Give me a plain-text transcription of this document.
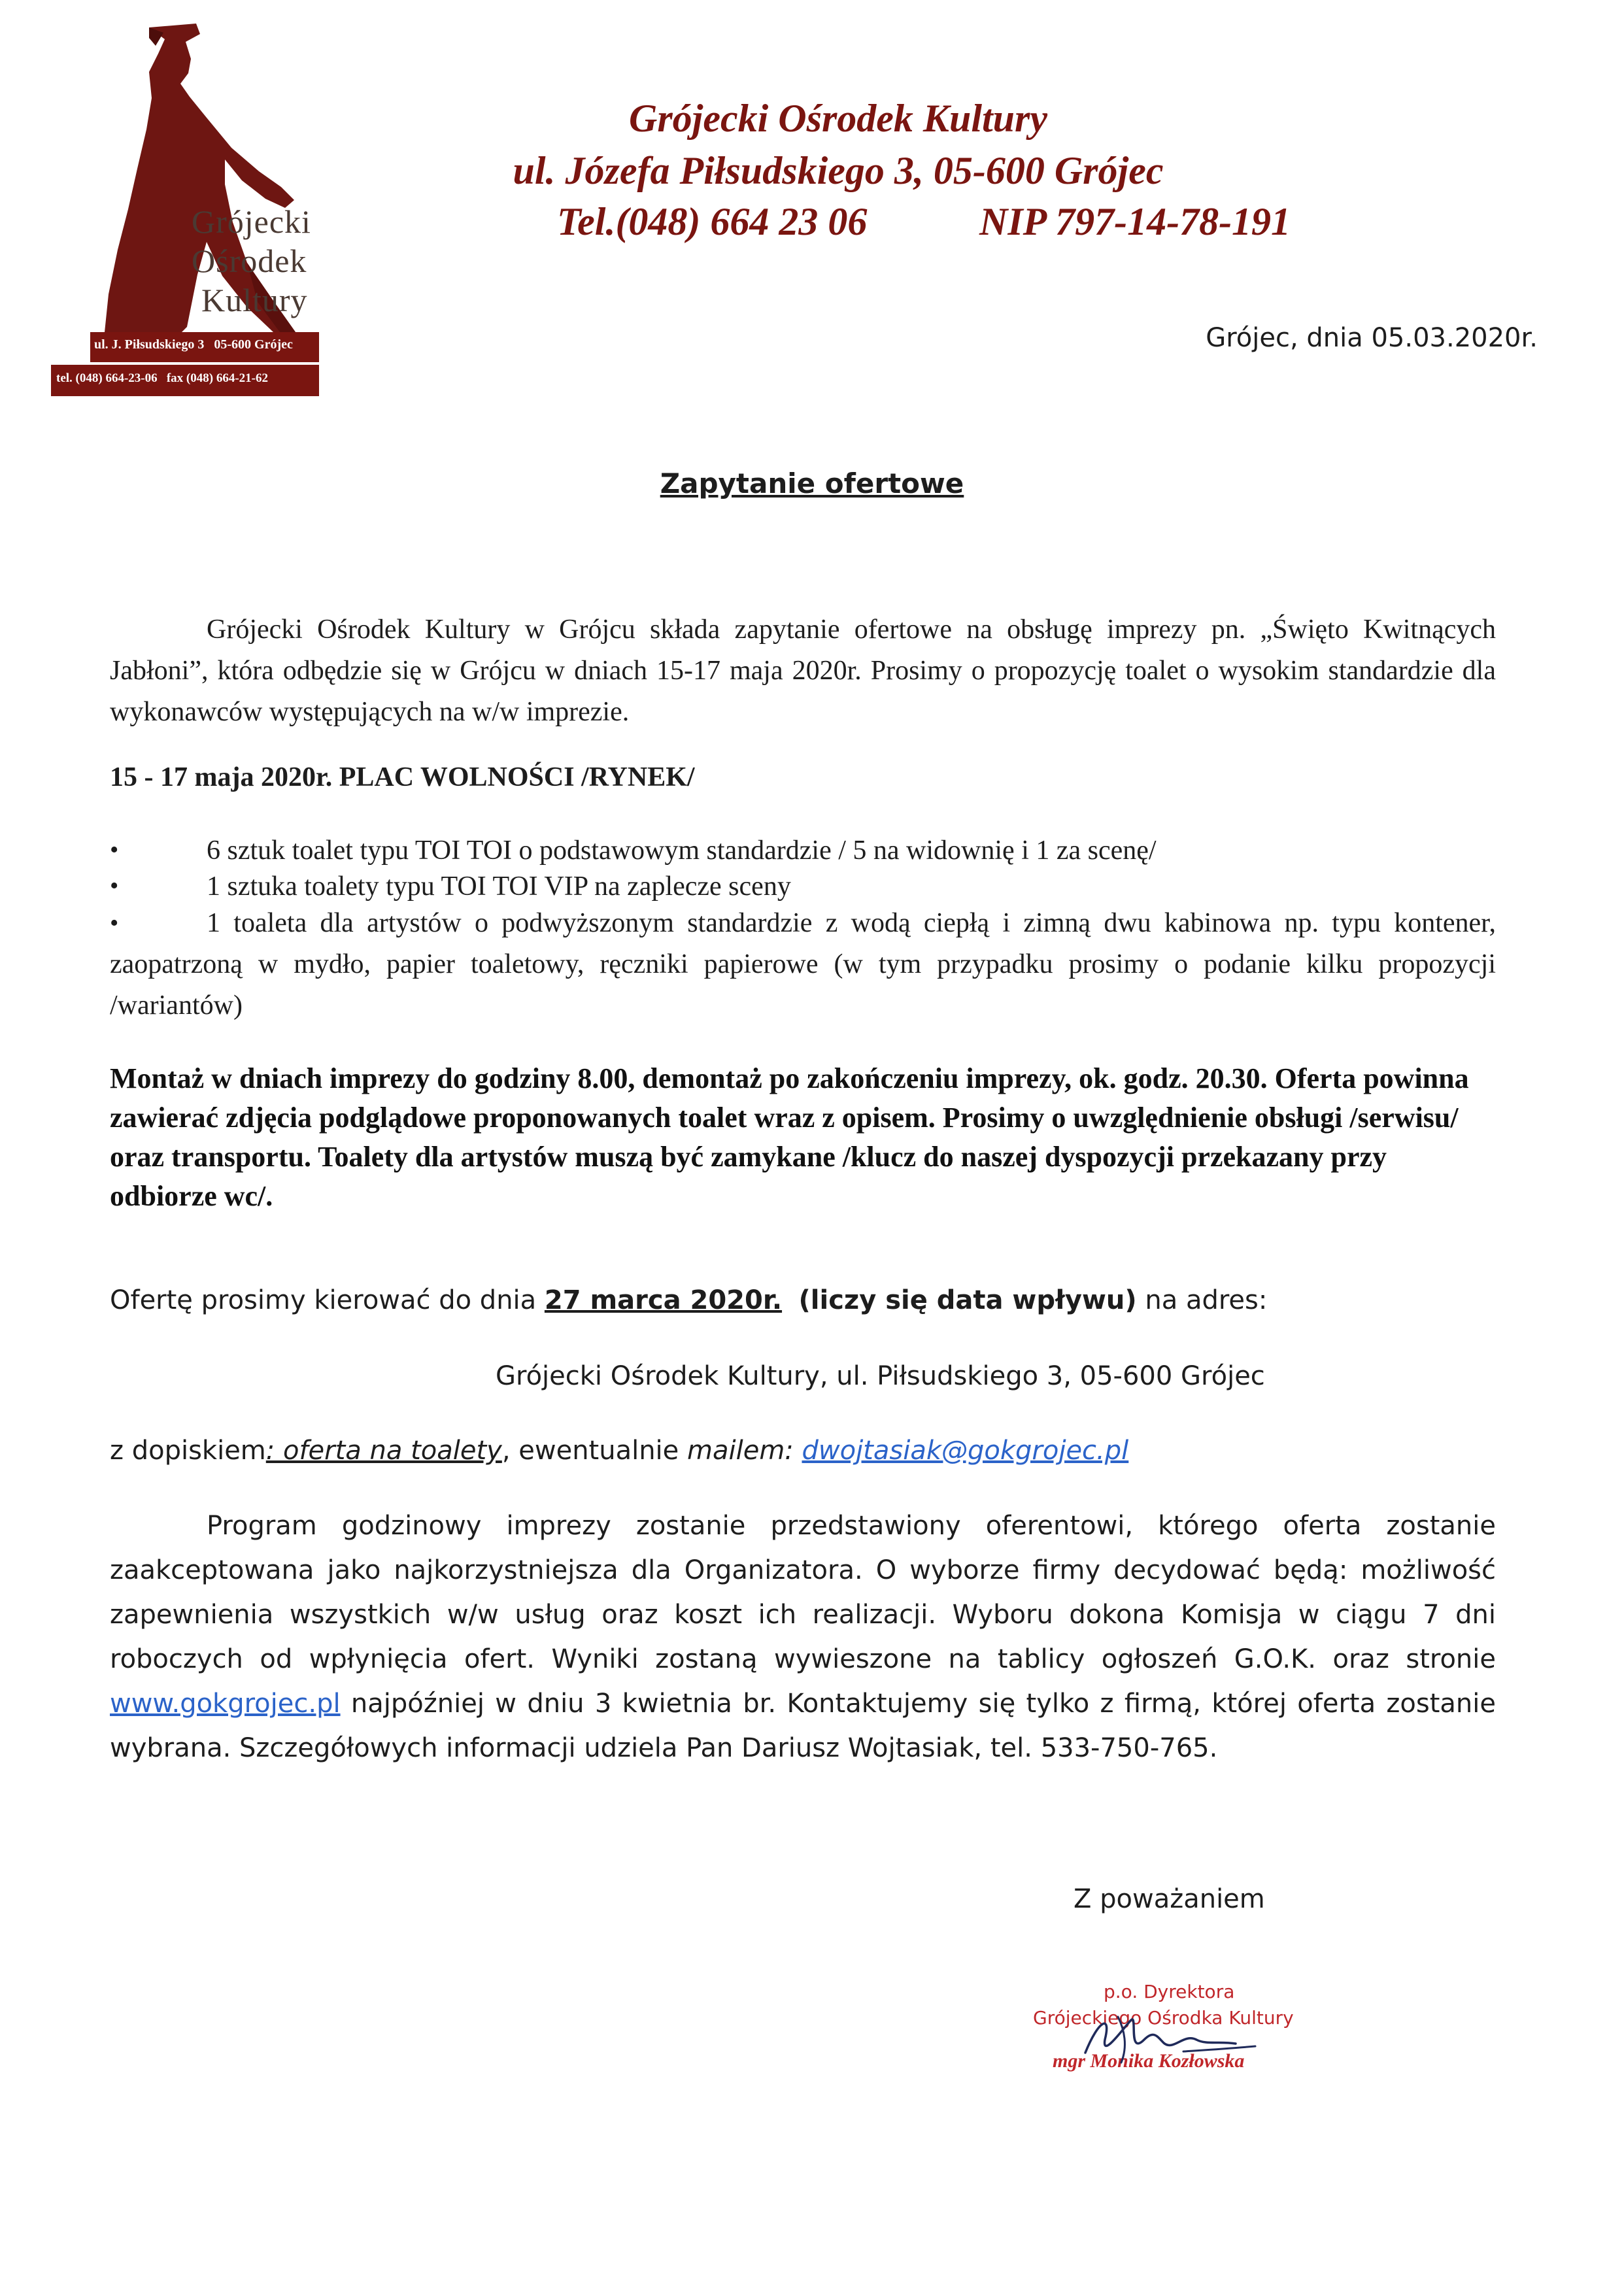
Grójecki
Ośrodek
Kultury
ul. J. Piłsudskiego 3   05-600 Grójec
tel. (048) 664-23-06   fax (048) 664-21-62
Grójecki Ośrodek Kultury
ul. Józefa Piłsudskiego 3, 05-600 Grójec
Tel.(048) 664 23 06	NIP 797-14-78-191
Grójec, dnia 05.03.2020r.
Zapytanie ofertowe
Grójecki Ośrodek Kultury w Grójcu składa zapytanie ofertowe na obsługę imprezy pn. „Święto Kwitnących Jabłoni”, która odbędzie się w Grójcu w dniach 15-17 maja 2020r. Prosimy o propozycję toalet o wysokim standardzie dla wykonawców występujących na w/w imprezie.
15 - 17 maja 2020r. PLAC WOLNOŚCI /RYNEK/
•	6 sztuk toalet typu TOI TOI o podstawowym standardzie / 5 na widownię i 1 za scenę/
•	1 sztuka toalety typu TOI TOI VIP na zaplecze sceny
•	1 toaleta dla artystów o podwyższonym standardzie z wodą ciepłą i zimną dwu kabinowa np. typu kontener, zaopatrzoną w mydło, papier toaletowy, ręczniki papierowe (w tym przypadku prosimy o podanie kilku propozycji /wariantów)
Montaż w dniach imprezy do godziny 8.00, demontaż po zakończeniu imprezy, ok. godz. 20.30. Oferta powinna zawierać zdjęcia podglądowe proponowanych toalet wraz z opisem. Prosimy o uwzględnienie obsługi /serwisu/ oraz transportu. Toalety dla artystów muszą być zamykane /klucz do naszej dyspozycji przekazany przy odbiorze wc/.
Ofertę prosimy kierować do dnia 27 marca 2020r. (liczy się data wpływu) na adres:
Grójecki Ośrodek Kultury, ul. Piłsudskiego 3, 05-600 Grójec
z dopiskiem: oferta na toalety, ewentualnie mailem: dwojtasiak@gokgrojec.pl
Program godzinowy imprezy zostanie przedstawiony oferentowi, którego oferta zostanie zaakceptowana jako najkorzystniejsza dla Organizatora. O wyborze firmy decydować będą: możliwość zapewnienia wszystkich w/w usług oraz koszt ich realizacji. Wyboru dokona Komisja w ciągu 7 dni roboczych od wpłynięcia ofert. Wyniki zostaną wywieszone na tablicy ogłoszeń G.O.K. oraz stronie www.gokgrojec.pl najpóźniej w dniu 3 kwietnia br. Kontaktujemy się tylko z firmą, której oferta zostanie wybrana. Szczegółowych informacji udziela Pan Dariusz Wojtasiak, tel. 533-750-765.
Z poważaniem
p.o. Dyrektora
Grójeckiego Ośrodka Kultury
mgr Monika Kozłowska
